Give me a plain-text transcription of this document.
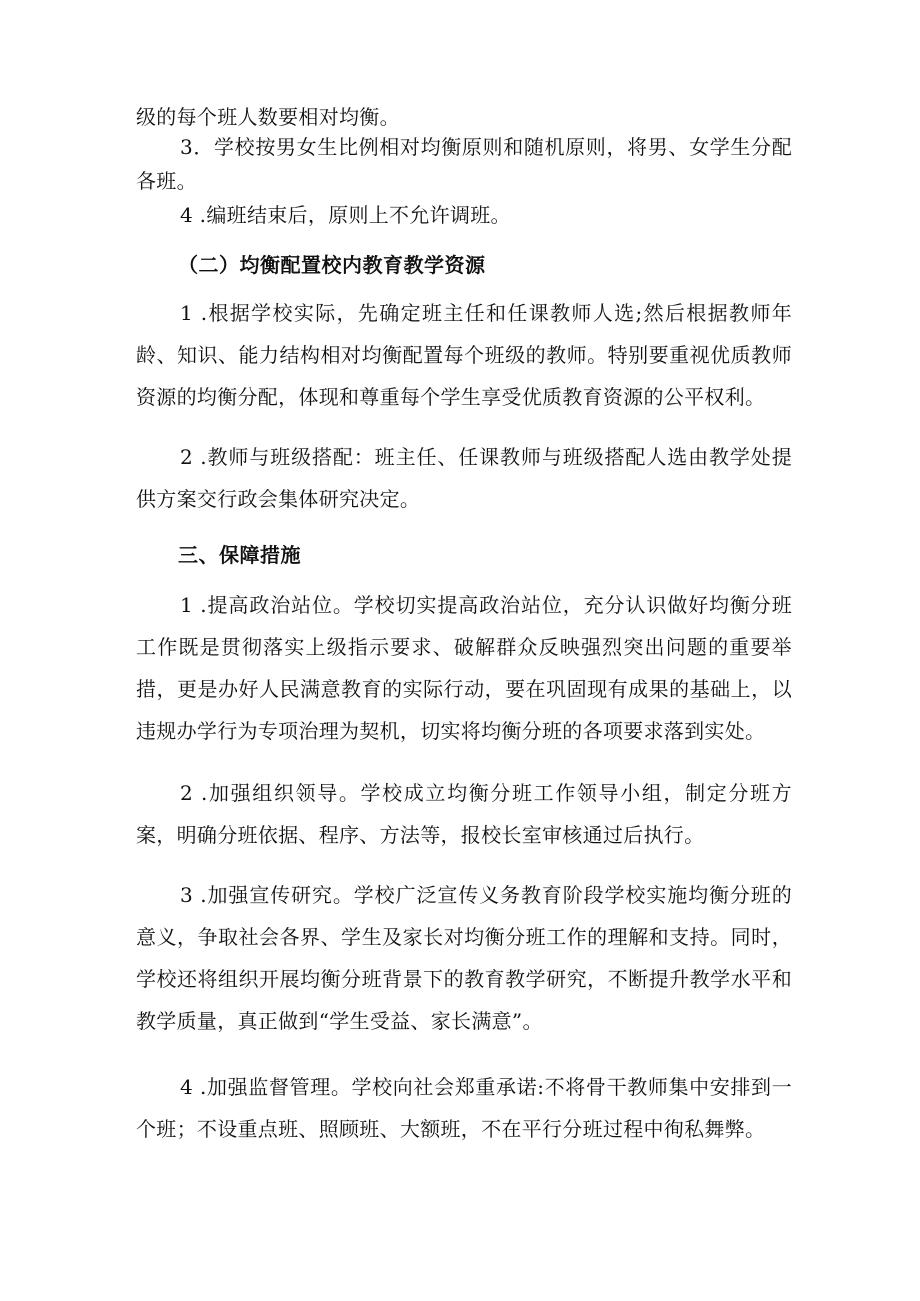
级的每个班人数要相对均衡。

3．学校按男女生比例相对均衡原则和随机原则，将男、女学生分配各班。

4 .编班结束后，原则上不允许调班。

（二）均衡配置校内教育教学资源

1 .根据学校实际，先确定班主任和任课教师人选;然后根据教师年龄、知识、能力结构相对均衡配置每个班级的教师。特别要重视优质教师资源的均衡分配，体现和尊重每个学生享受优质教育资源的公平权利。

2 .教师与班级搭配：班主任、任课教师与班级搭配人选由教学处提供方案交行政会集体研究决定。

三、保障措施

1 .提高政治站位。学校切实提高政治站位，充分认识做好均衡分班工作既是贯彻落实上级指示要求、破解群众反映强烈突出问题的重要举措，更是办好人民满意教育的实际行动，要在巩固现有成果的基础上，以违规办学行为专项治理为契机，切实将均衡分班的各项要求落到实处。

2 .加强组织领导。学校成立均衡分班工作领导小组，制定分班方案，明确分班依据、程序、方法等，报校长室审核通过后执行。

3 .加强宣传研究。学校广泛宣传义务教育阶段学校实施均衡分班的意义，争取社会各界、学生及家长对均衡分班工作的理解和支持。同时，学校还将组织开展均衡分班背景下的教育教学研究，不断提升教学水平和教学质量，真正做到“学生受益、家长满意”。

4 .加强监督管理。学校向社会郑重承诺:不将骨干教师集中安排到一个班；不设重点班、照顾班、大额班，不在平行分班过程中徇私舞弊。
